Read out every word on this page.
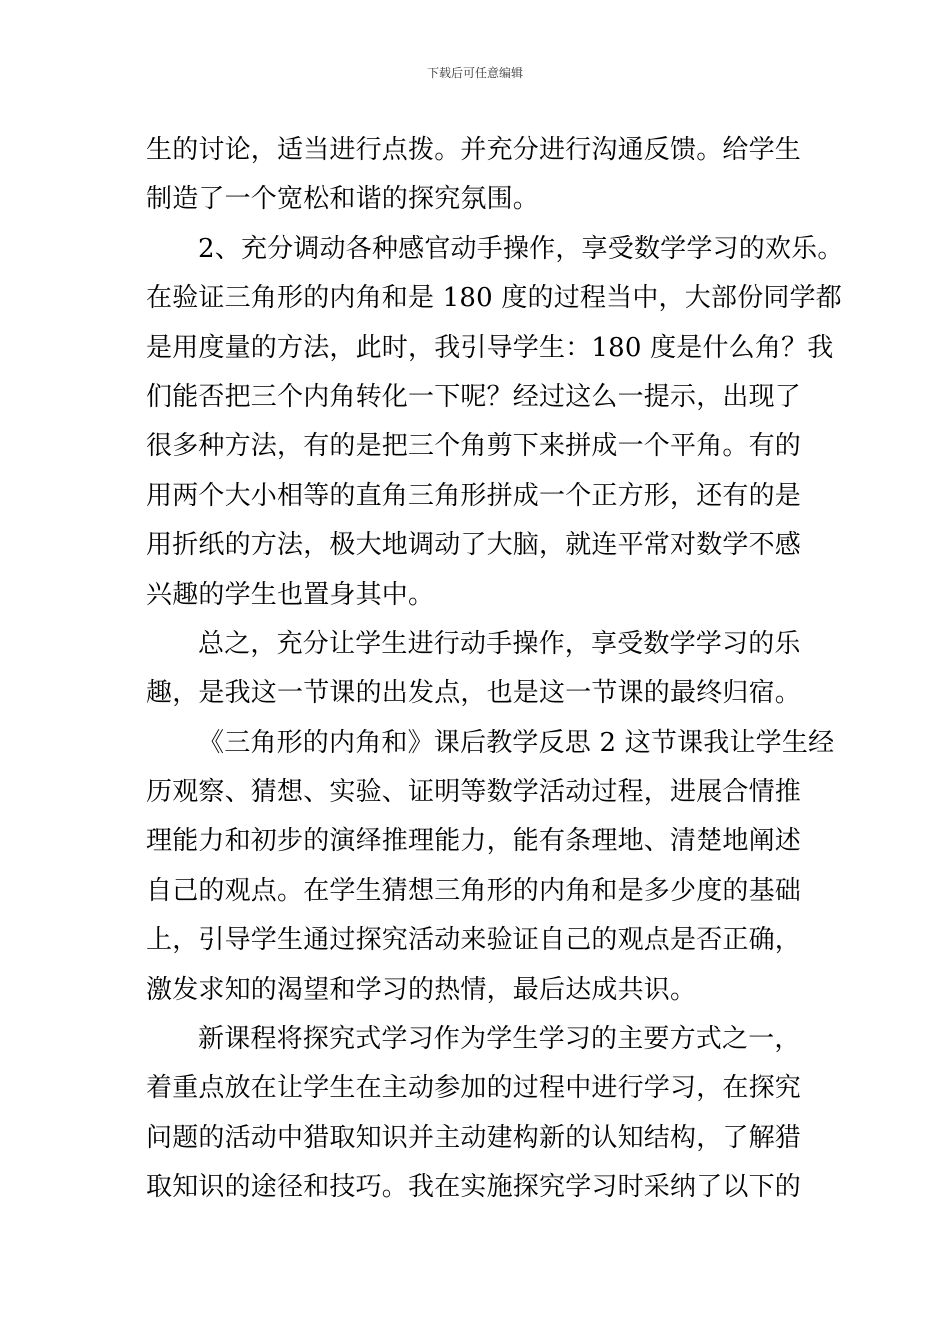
下载后可任意编辑
生的讨论，适当进行点拨。并充分进行沟通反馈。给学生
制造了一个宽松和谐的探究氛围。
2、充分调动各种感官动手操作，享受数学学习的欢乐。
在验证三角形的内角和是 180 度的过程当中，大部份同学都
是用度量的方法，此时，我引导学生：180 度是什么角？我
们能否把三个内角转化一下呢？经过这么一提示，出现了
很多种方法，有的是把三个角剪下来拼成一个平角。有的
用两个大小相等的直角三角形拼成一个正方形，还有的是
用折纸的方法，极大地调动了大脑，就连平常对数学不感
兴趣的学生也置身其中。
总之，充分让学生进行动手操作，享受数学学习的乐
趣，是我这一节课的出发点，也是这一节课的最终归宿。
《三角形的内角和》课后教学反思 2 这节课我让学生经
历观察、猜想、实验、证明等数学活动过程，进展合情推
理能力和初步的演绎推理能力，能有条理地、清楚地阐述
自己的观点。在学生猜想三角形的内角和是多少度的基础
上，引导学生通过探究活动来验证自己的观点是否正确，
激发求知的渴望和学习的热情，最后达成共识。
新课程将探究式学习作为学生学习的主要方式之一，
着重点放在让学生在主动参加的过程中进行学习，在探究
问题的活动中猎取知识并主动建构新的认知结构，了解猎
取知识的途径和技巧。我在实施探究学习时采纳了以下的
